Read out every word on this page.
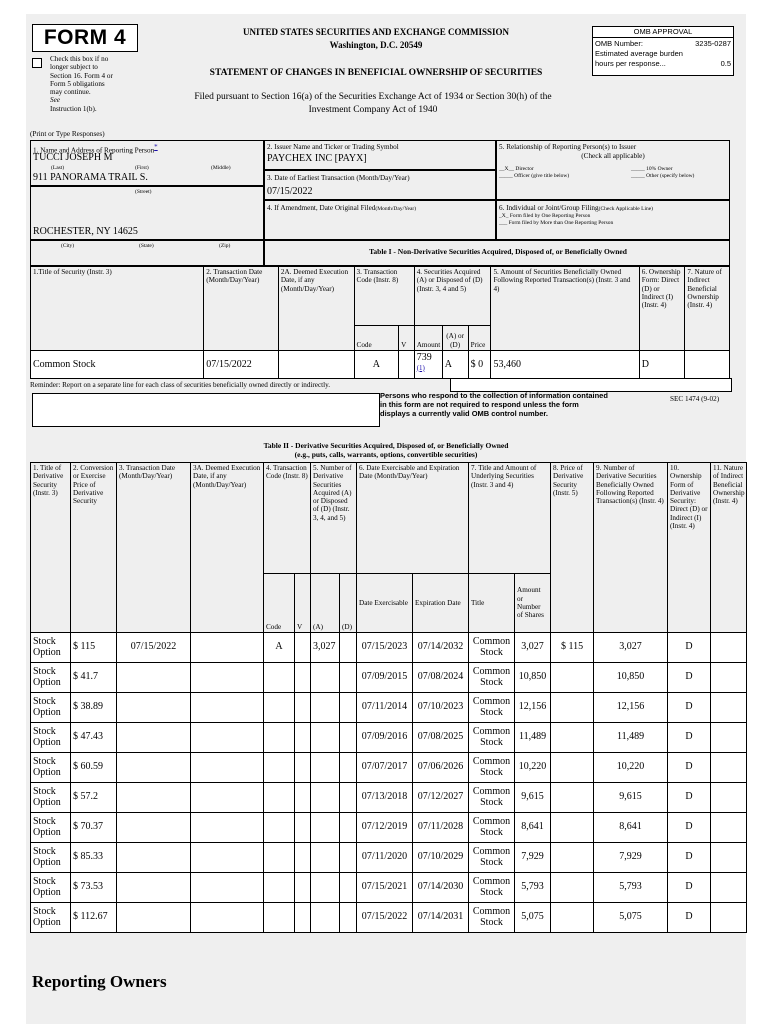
FORM 4
Check this box if no
longer subject to
Section 16. Form 4 or
Form 5 obligations
may continue.
See
Instruction 1(b).
UNITED STATES SECURITIES AND EXCHANGE COMMISSION
Washington, D.C. 20549
STATEMENT OF CHANGES IN BENEFICIAL OWNERSHIP OF SECURITIES
Filed pursuant to Section 16(a) of the Securities Exchange Act of 1934 or Section 30(h) of the
Investment Company Act of 1940
OMB APPROVAL
OMB Number:	3235-0287
Estimated average burden
hours per response...	0.5
(Print or Type Responses)
1. Name and Address of Reporting Person*
TUCCI JOSEPH M
(Last)	(First)	(Middle)
911 PANORAMA TRAIL S.
(Street)
ROCHESTER, NY 14625
(City)	(State)	(Zip)
2. Issuer Name and Ticker or Trading Symbol
PAYCHEX INC [PAYX]
3. Date of Earliest Transaction (Month/Day/Year)
07/15/2022
4. If Amendment, Date Original Filed(Month/Day/Year)
5. Relationship of Reporting Person(s) to Issuer

(Check all applicable)
__X__ Director	_____ 10% Owner
_____ Officer (give title below)	_____ Other (specify below)
6. Individual or Joint/Group Filing(Check Applicable Line)
_X_ Form filed by One Reporting Person
___ Form filed by More than One Reporting Person
Table I - Non-Derivative Securities Acquired, Disposed of, or Beneficially Owned
1.Title of Security (Instr. 3)	2. Transaction Date (Month/Day/Year)	2A. Deemed Execution Date, if any (Month/Day/Year)	3. Transaction Code (Instr. 8)		4. Securities Acquired (A) or Disposed of (D) (Instr. 3, 4 and 5)			5. Amount of Securities Beneficially Owned Following Reported Transaction(s) (Instr. 3 and 4)	6. Ownership Form: Direct (D) or Indirect (I) (Instr. 4)	7. Nature of Indirect Beneficial Ownership (Instr. 4)
			Code	V	Amount	(A) or (D)	Price			
Common Stock	07/15/2022		A		739 $^{(1)}$	A	$ 0	53,460	D	
Reminder: Report on a separate line for each class of securities beneficially owned directly or indirectly.
Persons who respond to the collection of information contained
in this form are not required to respond unless the form
displays a currently valid OMB control number.
SEC 1474 (9-02)
Table II - Derivative Securities Acquired, Disposed of, or Beneficially Owned
(e.g., puts, calls, warrants, options, convertible securities)
1. Title of Derivative Security (Instr. 3)	2. Conversion or Exercise Price of Derivative Security	3. Transaction Date (Month/Day/Year)	3A. Deemed Execution Date, if any (Month/Day/Year)	4. Transaction Code (Instr. 8)		5. Number of Derivative Securities Acquired (A) or Disposed of (D) (Instr. 3, 4, and 5)		6. Date Exercisable and Expiration Date (Month/Day/Year)		7. Title and Amount of Underlying Securities (Instr. 3 and 4)		8. Price of Derivative Security (Instr. 5)	9. Number of Derivative Securities Beneficially Owned Following Reported Transaction(s) (Instr. 4)	10. Ownership Form of Derivative Security: Direct (D) or Indirect (I) (Instr. 4)	11. Nature of Indirect Beneficial Ownership (Instr. 4)
				Code	V	(A)	(D)	Date Exercisable	Expiration Date	Title	Amount or Number of Shares				
Stock Option	$ 115	07/15/2022		A		3,027		07/15/2023	07/14/2032	Common Stock	3,027	$ 115	3,027	D	
Stock Option	$ 41.7							07/09/2015	07/08/2024	Common Stock	10,850		10,850	D	
Stock Option	$ 38.89							07/11/2014	07/10/2023	Common Stock	12,156		12,156	D	
Stock Option	$ 47.43							07/09/2016	07/08/2025	Common Stock	11,489		11,489	D	
Stock Option	$ 60.59							07/07/2017	07/06/2026	Common Stock	10,220		10,220	D	
Stock Option	$ 57.2							07/13/2018	07/12/2027	Common Stock	9,615		9,615	D	
Stock Option	$ 70.37							07/12/2019	07/11/2028	Common Stock	8,641		8,641	D	
Stock Option	$ 85.33							07/11/2020	07/10/2029	Common Stock	7,929		7,929	D	
Stock Option	$ 73.53							07/15/2021	07/14/2030	Common Stock	5,793		5,793	D	
Stock Option	$ 112.67							07/15/2022	07/14/2031	Common Stock	5,075		5,075	D	
Reporting Owners
